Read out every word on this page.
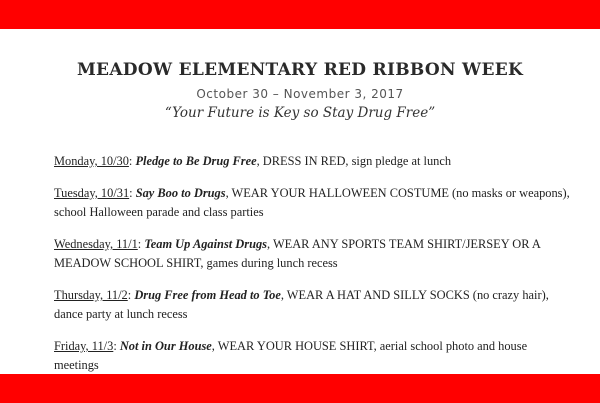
MEADOW ELEMENTARY RED RIBBON WEEK
October 30 – November 3, 2017
“Your Future is Key so Stay Drug Free”

Monday, 10/30: Pledge to Be Drug Free, DRESS IN RED, sign pledge at lunch

Tuesday, 10/31: Say Boo to Drugs, WEAR YOUR HALLOWEEN COSTUME (no masks or weapons), school Halloween parade and class parties

Wednesday, 11/1: Team Up Against Drugs, WEAR ANY SPORTS TEAM SHIRT/JERSEY OR A MEADOW SCHOOL SHIRT, games during lunch recess

Thursday, 11/2: Drug Free from Head to Toe, WEAR A HAT AND SILLY SOCKS (no crazy hair), dance party at lunch recess

Friday, 11/3: Not in Our House, WEAR YOUR HOUSE SHIRT, aerial school photo and house meetings
